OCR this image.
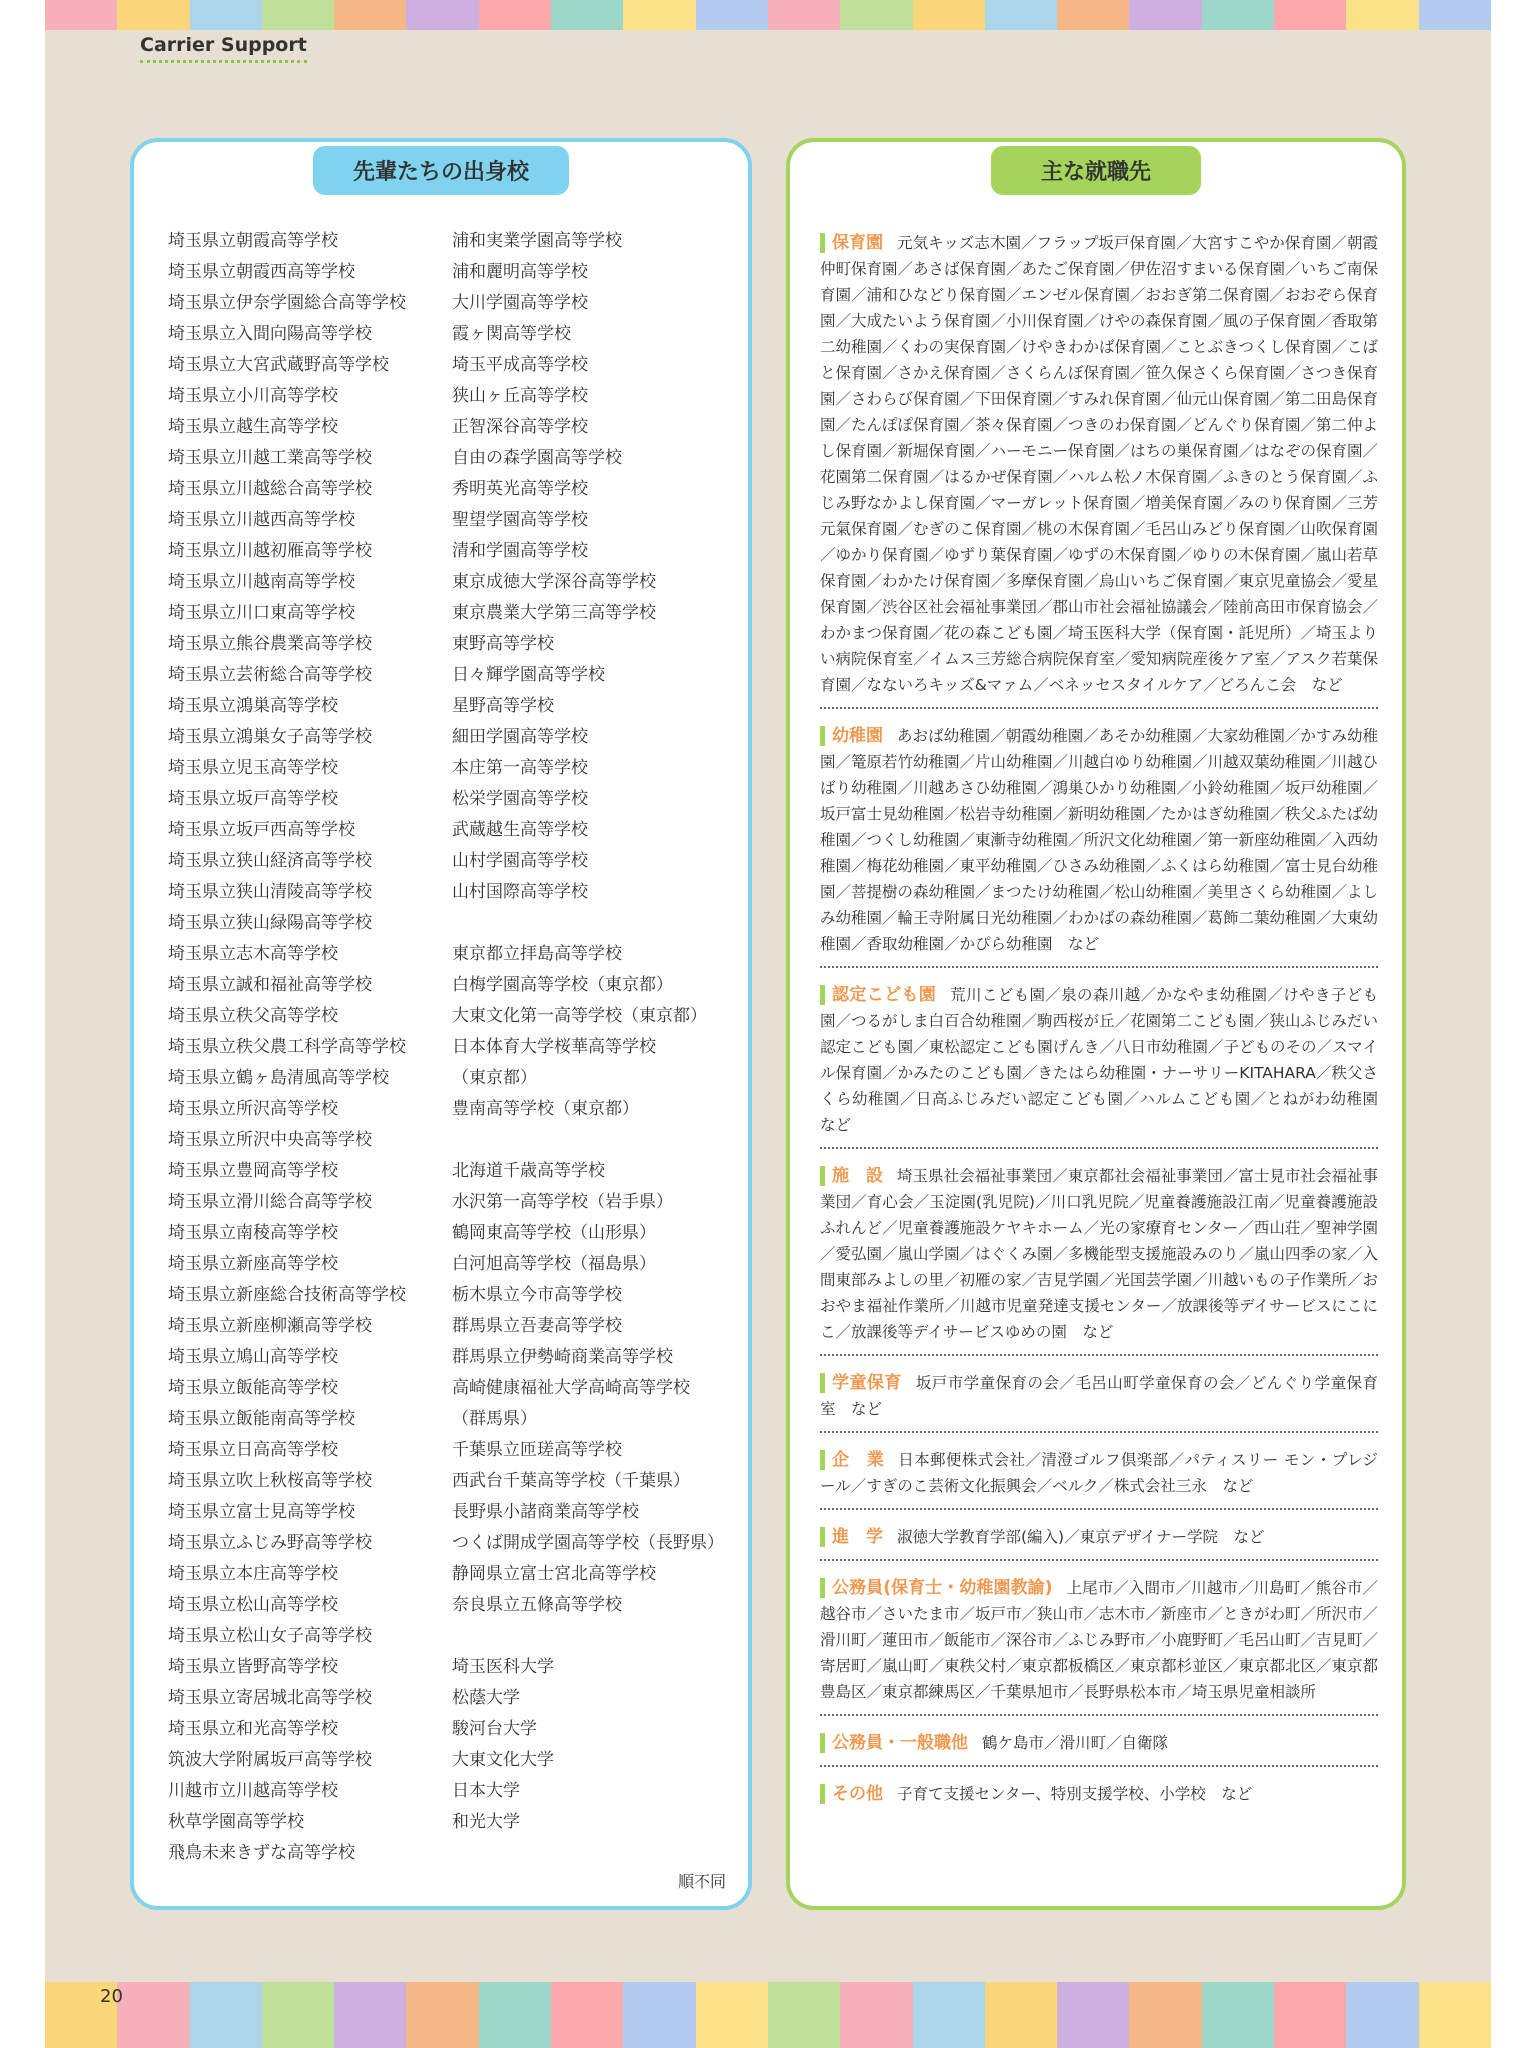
Carrier Support
先輩たちの出身校
埼玉県立朝霞高等学校
埼玉県立朝霞西高等学校
埼玉県立伊奈学園総合高等学校
埼玉県立入間向陽高等学校
埼玉県立大宮武蔵野高等学校
埼玉県立小川高等学校
埼玉県立越生高等学校
埼玉県立川越工業高等学校
埼玉県立川越総合高等学校
埼玉県立川越西高等学校
埼玉県立川越初雁高等学校
埼玉県立川越南高等学校
埼玉県立川口東高等学校
埼玉県立熊谷農業高等学校
埼玉県立芸術総合高等学校
埼玉県立鴻巣高等学校
埼玉県立鴻巣女子高等学校
埼玉県立児玉高等学校
埼玉県立坂戸高等学校
埼玉県立坂戸西高等学校
埼玉県立狭山経済高等学校
埼玉県立狭山清陵高等学校
埼玉県立狭山緑陽高等学校
埼玉県立志木高等学校
埼玉県立誠和福祉高等学校
埼玉県立秩父高等学校
埼玉県立秩父農工科学高等学校
埼玉県立鶴ヶ島清風高等学校
埼玉県立所沢高等学校
埼玉県立所沢中央高等学校
埼玉県立豊岡高等学校
埼玉県立滑川総合高等学校
埼玉県立南稜高等学校
埼玉県立新座高等学校
埼玉県立新座総合技術高等学校
埼玉県立新座柳瀬高等学校
埼玉県立鳩山高等学校
埼玉県立飯能高等学校
埼玉県立飯能南高等学校
埼玉県立日高高等学校
埼玉県立吹上秋桜高等学校
埼玉県立富士見高等学校
埼玉県立ふじみ野高等学校
埼玉県立本庄高等学校
埼玉県立松山高等学校
埼玉県立松山女子高等学校
埼玉県立皆野高等学校
埼玉県立寄居城北高等学校
埼玉県立和光高等学校
筑波大学附属坂戸高等学校
川越市立川越高等学校
秋草学園高等学校
飛鳥未来きずな高等学校
浦和実業学園高等学校
浦和麗明高等学校
大川学園高等学校
霞ヶ関高等学校
埼玉平成高等学校
狭山ヶ丘高等学校
正智深谷高等学校
自由の森学園高等学校
秀明英光高等学校
聖望学園高等学校
清和学園高等学校
東京成徳大学深谷高等学校
東京農業大学第三高等学校
東野高等学校
日々輝学園高等学校
星野高等学校
細田学園高等学校
本庄第一高等学校
松栄学園高等学校
武蔵越生高等学校
山村学園高等学校
山村国際高等学校
東京都立拝島高等学校
白梅学園高等学校（東京都）
大東文化第一高等学校（東京都）
日本体育大学桜華高等学校
（東京都）
豊南高等学校（東京都）
北海道千歳高等学校
水沢第一高等学校（岩手県）
鶴岡東高等学校（山形県）
白河旭高等学校（福島県）
栃木県立今市高等学校
群馬県立吾妻高等学校
群馬県立伊勢崎商業高等学校
高崎健康福祉大学高崎高等学校
（群馬県）
千葉県立匝瑳高等学校
西武台千葉高等学校（千葉県）
長野県小諸商業高等学校
つくば開成学園高等学校（長野県）
静岡県立富士宮北高等学校
奈良県立五條高等学校
埼玉医科大学
松蔭大学
駿河台大学
大東文化大学
日本大学
和光大学
順不同
主な就職先
保育園 元気キッズ志木園／フラップ坂戸保育園／大宮すこやか保育園／朝霞仲町保育園／あさば保育園／あたご保育園／伊佐沼すまいる保育園／いちご南保育園／浦和ひなどり保育園／エンゼル保育園／おおぎ第二保育園／おおぞら保育園／大成たいよう保育園／小川保育園／けやの森保育園／風の子保育園／香取第二幼稚園／くわの実保育園／けやきわかば保育園／ことぶきつくし保育園／こばと保育園／さかえ保育園／さくらんぼ保育園／笹久保さくら保育園／さつき保育園／さわらび保育園／下田保育園／すみれ保育園／仙元山保育園／第二田島保育園／たんぽぽ保育園／茶々保育園／つきのわ保育園／どんぐり保育園／第二仲よし保育園／新堀保育園／ハーモニー保育園／はちの巣保育園／はなぞの保育園／花園第二保育園／はるかぜ保育園／ハルム松ノ木保育園／ふきのとう保育園／ふじみ野なかよし保育園／マーガレット保育園／増美保育園／みのり保育園／三芳元氣保育園／むぎのこ保育園／桃の木保育園／毛呂山みどり保育園／山吹保育園／ゆかり保育園／ゆずり葉保育園／ゆずの木保育園／ゆりの木保育園／嵐山若草保育園／わかたけ保育園／多摩保育園／烏山いちご保育園／東京児童協会／愛星保育園／渋谷区社会福祉事業団／郡山市社会福祉協議会／陸前高田市保育協会／わかまつ保育園／花の森こども園／埼玉医科大学（保育園・託児所）／埼玉よりい病院保育室／イムス三芳総合病院保育室／愛知病院産後ケア室／アスク若葉保育園／なないろキッズ&マァム／ベネッセスタイルケア／どろんこ会　など
幼稚園 あおば幼稚園／朝霞幼稚園／あそか幼稚園／大家幼稚園／かすみ幼稚園／篭原若竹幼稚園／片山幼稚園／川越白ゆり幼稚園／川越双葉幼稚園／川越ひばり幼稚園／川越あさひ幼稚園／鴻巣ひかり幼稚園／小鈴幼稚園／坂戸幼稚園／坂戸富士見幼稚園／松岩寺幼稚園／新明幼稚園／たかはぎ幼稚園／秩父ふたば幼稚園／つくし幼稚園／東漸寺幼稚園／所沢文化幼稚園／第一新座幼稚園／入西幼稚園／梅花幼稚園／東平幼稚園／ひさみ幼稚園／ふくはら幼稚園／富士見台幼稚園／菩提樹の森幼稚園／まつたけ幼稚園／松山幼稚園／美里さくら幼稚園／よしみ幼稚園／輪王寺附属日光幼稚園／わかばの森幼稚園／葛飾二葉幼稚園／大東幼稚園／香取幼稚園／かぴら幼稚園　など
認定こども園 荒川こども園／泉の森川越／かなやま幼稚園／けやき子ども園／つるがしま白百合幼稚園／駒西桜が丘／花園第二こども園／狭山ふじみだい認定こども園／東松認定こども園げんき／八日市幼稚園／子どものその／スマイル保育園／かみたのこども園／きたはら幼稚園・ナーサリーKITAHARA／秩父さくら幼稚園／日高ふじみだい認定こども園／ハルムこども園／とねがわ幼稚園　など
施　設 埼玉県社会福祉事業団／東京都社会福祉事業団／富士見市社会福祉事業団／育心会／玉淀園(乳児院)／川口乳児院／児童養護施設江南／児童養護施設ふれんど／児童養護施設ケヤキホーム／光の家療育センター／西山荘／聖神学園／愛弘園／嵐山学園／はぐくみ園／多機能型支援施設みのり／嵐山四季の家／入間東部みよしの里／初雁の家／吉見学園／光国芸学園／川越いもの子作業所／おおやま福祉作業所／川越市児童発達支援センター／放課後等デイサービスにこにこ／放課後等デイサービスゆめの園　など
学童保育 坂戸市学童保育の会／毛呂山町学童保育の会／どんぐり学童保育室　など
企　業 日本郵便株式会社／清澄ゴルフ倶楽部／パティスリー モン・プレジール／すぎのこ芸術文化振興会／ベルク／株式会社三永　など
進　学 淑徳大学教育学部(編入)／東京デザイナー学院　など
公務員(保育士・幼稚園教諭) 上尾市／入間市／川越市／川島町／熊谷市／越谷市／さいたま市／坂戸市／狭山市／志木市／新座市／ときがわ町／所沢市／滑川町／蓮田市／飯能市／深谷市／ふじみ野市／小鹿野町／毛呂山町／吉見町／寄居町／嵐山町／東秩父村／東京都板橋区／東京都杉並区／東京都北区／東京都豊島区／東京都練馬区／千葉県旭市／長野県松本市／埼玉県児童相談所
公務員・一般職他 鶴ケ島市／滑川町／自衛隊
その他 子育て支援センター、特別支援学校、小学校　など
20
